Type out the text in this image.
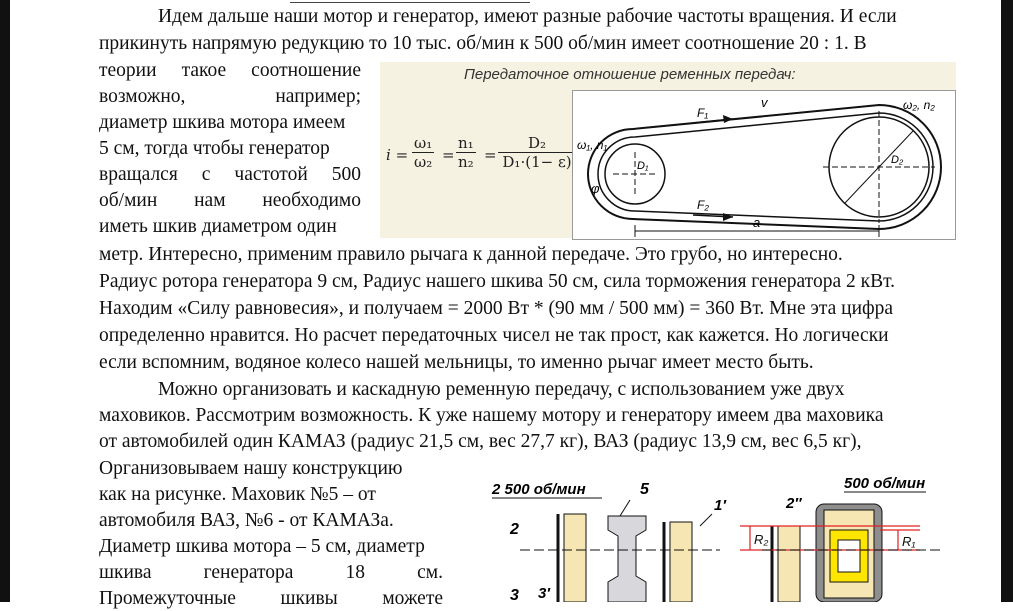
Идем дальше наши мотор и генератор, имеют разные рабочие частоты вращения. И если
прикинуть напрямую редукцию то 10 тыс. об/мин к 500 об/мин имеет соотношение 20 : 1. В
теории такое соотношение
возможно, например;
диаметр шкива мотора имеем
5 см, тогда чтобы генератор
вращался с частотой 500
об/мин нам необходимо
иметь шкив диаметром один
метр. Интересно, применим правило рычага к данной передаче. Это грубо, но интересно.
Радиус ротора генератора 9 см, Радиус нашего шкива 50 см, сила торможения генератора 2 кВт.
Находим «Силу равновесия», и получаем = 2000 Вт * (90 мм / 500 мм) = 360 Вт. Мне эта цифра
определенно нравится. Но расчет передаточных чисел не так прост, как кажется. Но логически
если вспомним, водяное колесо нашей мельницы, то именно рычаг имеет место быть.
Можно организовать и каскадную ременную передачу, с использованием уже двух
маховиков. Рассмотрим возможность. К уже нашему мотору и генератору имеем два маховика
от автомобилей один КАМАЗ (радиус 21,5 см, вес 27,7 кг), ВАЗ (радиус 13,9 см, вес 6,5 кг),
Организовываем нашу конструкцию
как на рисунке. Маховик №5 – от
автомобиля ВАЗ, №6 - от КАМАЗа.
Диаметр шкива мотора – 5 см, диаметр
шкива генератора 18 см.
Промежуточные шкивы можете
Передаточное отношение ременных передач:
$i = \frac{\text{ω₁}}{\text{ω₂}} = \frac{\text{n₁}}{\text{n₂}} = \frac{\text{D₂}}{\text{D₁·(1− ε)}} \omega_1$, n₁
ω₂, n₂
F₁
F₂
v
D₁	D₂
φ
a
2 500 об/мин	5
1′
2
3 3′
2″
500 об/мин
R₂	R₁
